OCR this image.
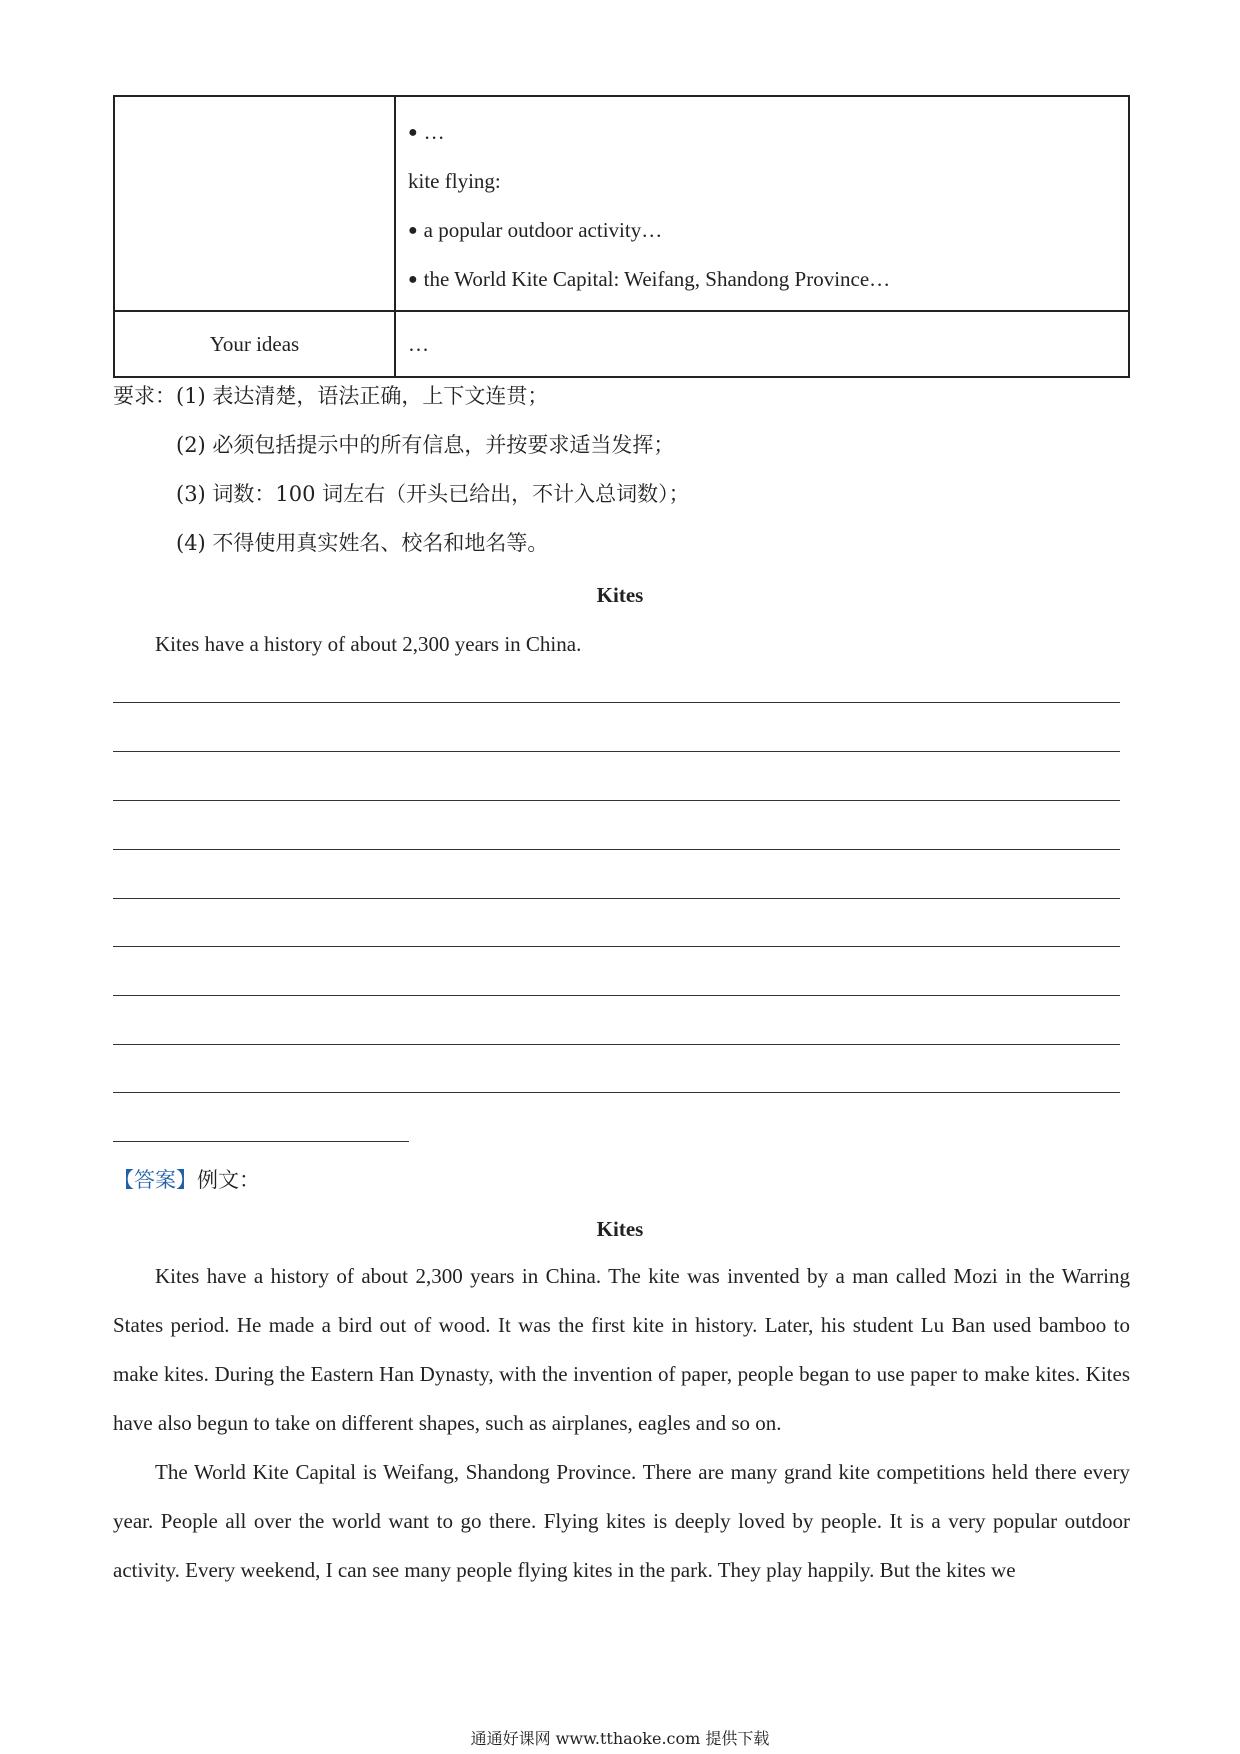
	● …
kite flying:
● a popular outdoor activity…
● the World Kite Capital: Weifang, Shandong Province…

Your ideas	…
要求：(1) 表达清楚，语法正确，上下文连贯；
(2) 必须包括提示中的所有信息，并按要求适当发挥；
(3) 词数：100 词左右（开头已给出，不计入总词数）；
(4) 不得使用真实姓名、校名和地名等。
Kites
Kites have a history of about 2,300 years in China.
【答案】例文：
Kites

Kites have a history of about 2,300 years in China. The kite was invented by a man called Mozi in the Warring States period. He made a bird out of wood. It was the first kite in history. Later, his student Lu Ban used bamboo to make kites. During the Eastern Han Dynasty, with the invention of paper, people began to use paper to make kites. Kites have also begun to take on different shapes, such as airplanes, eagles and so on.

The World Kite Capital is Weifang, Shandong Province. There are many grand kite competitions held there every year. People all over the world want to go there. Flying kites is deeply loved by people. It is a very popular outdoor activity. Every weekend, I can see many people flying kites in the park. They play happily. But the kites we

通通好课网 www.tthaoke.com 提供下载
